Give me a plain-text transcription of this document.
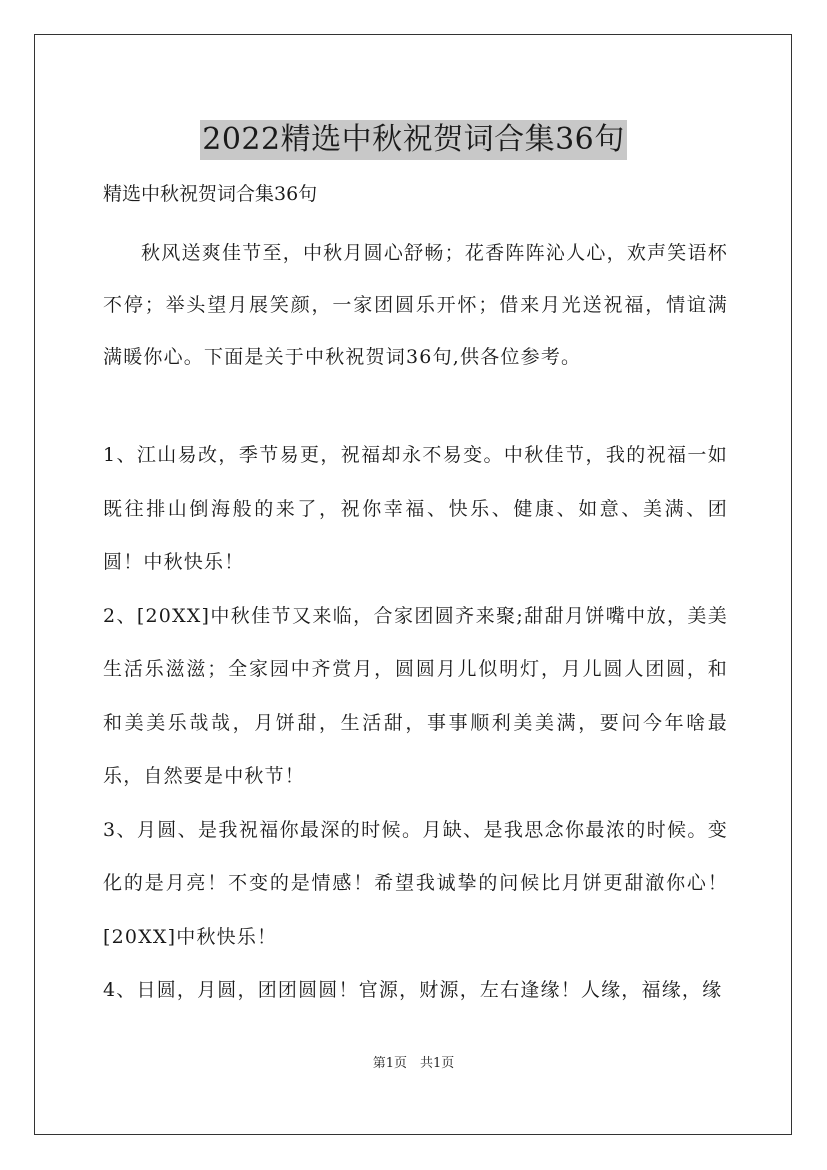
2022精选中秋祝贺词合集36句

精选中秋祝贺词合集36句

秋风送爽佳节至，中秋月圆心舒畅；花香阵阵沁人心，欢声笑语杯不停；举头望月展笑颜，一家团圆乐开怀；借来月光送祝福，情谊满满暖你心。下面是关于中秋祝贺词36句,供各位参考。

1、江山易改，季节易更，祝福却永不易变。中秋佳节，我的祝福一如既往排山倒海般的来了，祝你幸福、快乐、健康、如意、美满、团圆！中秋快乐！

2、[20XX]中秋佳节又来临，合家团圆齐来聚;甜甜月饼嘴中放，美美生活乐滋滋；全家园中齐赏月，圆圆月儿似明灯，月儿圆人团圆，和和美美乐哉哉，月饼甜，生活甜，事事顺利美美满，要问今年啥最乐，自然要是中秋节！

3、月圆、是我祝福你最深的时候。月缺、是我思念你最浓的时候。变化的是月亮！不变的是情感！希望我诚挚的问候比月饼更甜澈你心！[20XX]中秋快乐！

4、日圆，月圆，团团圆圆！官源，财源，左右逢缘！人缘，福缘，缘

第1页　共1页
